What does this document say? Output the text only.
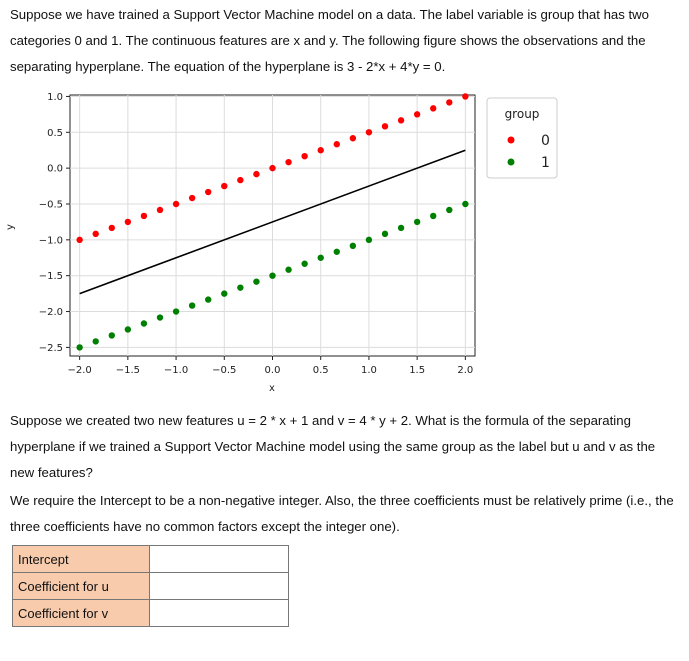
Suppose we have trained a Support Vector Machine model on a data. The label variable is group that has two categories 0 and 1. The continuous features are x and y. The following figure shows the observations and the separating hyperplane. The equation of the hyperplane is 3 - 2*x + 4*y = 0.

−2.0 −1.5 −1.0 −0.5	0.0	0.5	1.0	1.5	2.0
1.0
0.5
0.0
−0.5
−1.0
−1.5
−2.0
−2.5
x
y
group
0
1

Suppose we created two new features u = 2 * x + 1 and v = 4 * y + 2. What is the formula of the separating hyperplane if we trained a Support Vector Machine model using the same group as the label but u and v as the new features?

We require the Intercept to be a non-negative integer. Also, the three coefficients must be relatively prime (i.e., the three coefficients have no common factors except the integer one).

Intercept	
Coefficient for u	
Coefficient for v	
